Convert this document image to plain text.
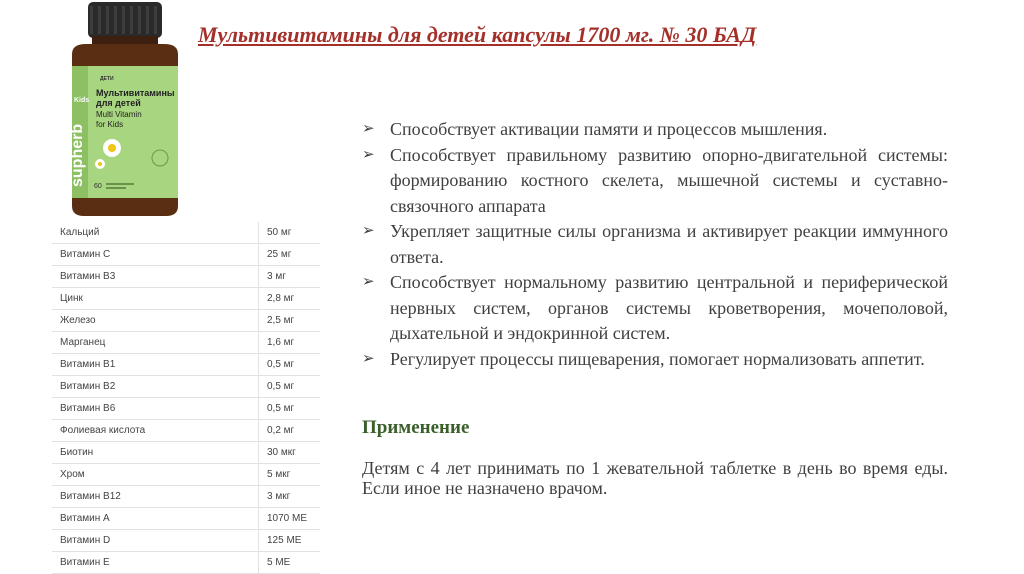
Мультивитамины для детей капсулы 1700 мг. № 30 БАД
ДЕТИ
Kids
supherb
Мультивитамины
для детей
Multi Vitamin
for Kids
60
Кальций	50 мг
Витамин С	25 мг
Витамин В3	3 мг
Цинк	2,8 мг
Железо	2,5 мг
Марганец	1,6 мг
Витамин В1	0,5 мг
Витамин В2	0,5 мг
Витамин В6	0,5 мг
Фолиевая кислота	0,2 мг
Биотин	30 мкг
Хром	5 мкг
Витамин В12	3 мкг
Витамин А	1070 МЕ
Витамин D	125 МЕ
Витамин Е	5 МЕ
➢ Способствует активации памяти и процессов мышления.
➢ Способствует правильному развитию опорно-двигательной системы: формированию костного скелета, мышечной системы и суставно-связочного аппарата
➢ Укрепляет защитные силы организма и активирует реакции иммунного ответа.
➢ Способствует нормальному развитию центральной и периферической нервных систем, органов системы кроветворения, мочеполовой, дыхательной и эндокринной систем.
➢ Регулирует процессы пищеварения, помогает нормализовать аппетит.
Применение
Детям с 4 лет принимать по 1 жевательной таблетке в день во время еды. Если иное не назначено врачом.
